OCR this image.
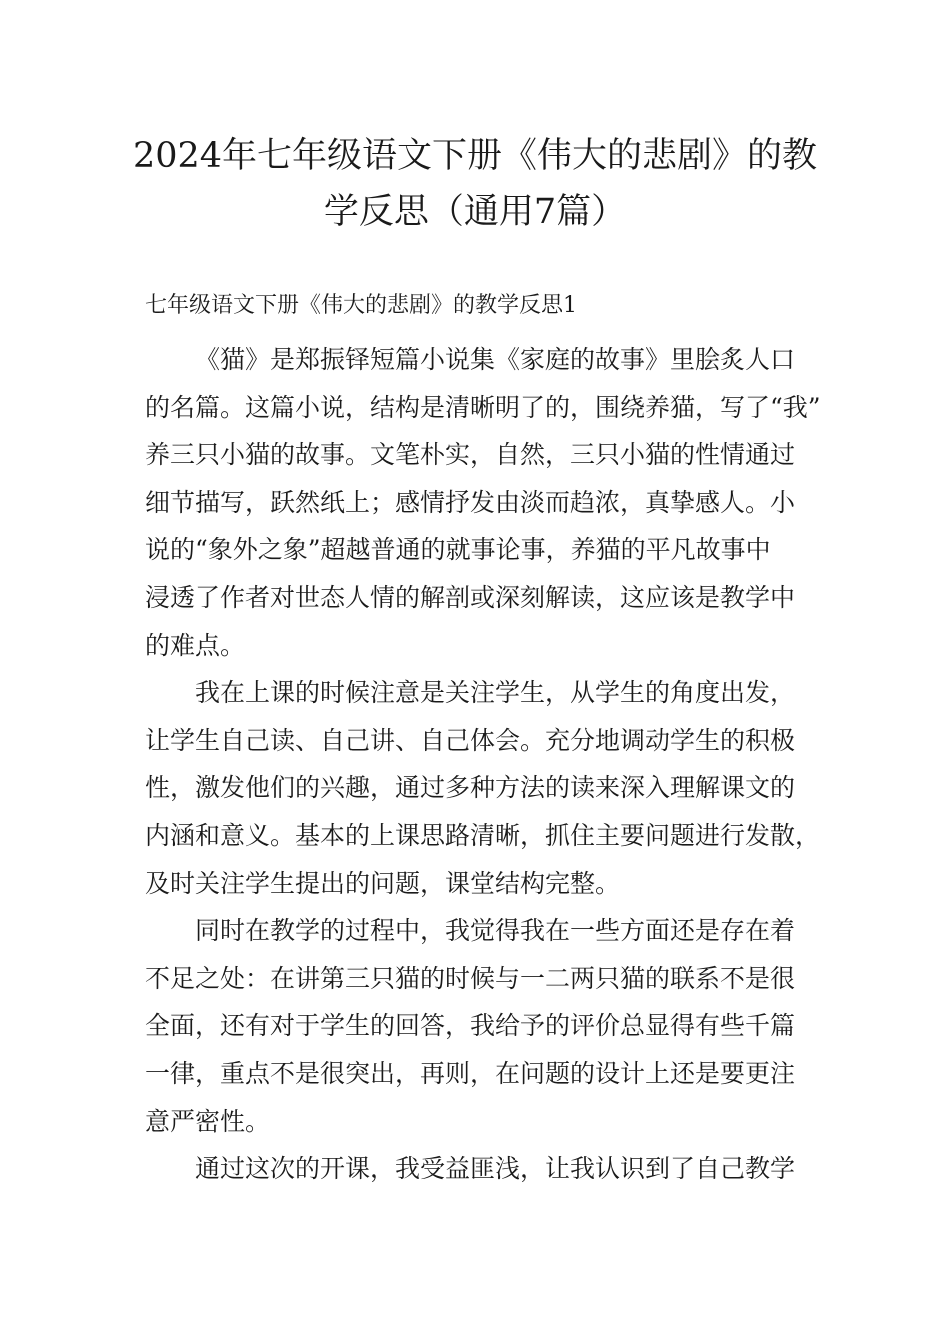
2024年七年级语文下册《伟大的悲剧》的教
学反思（通用7篇）
七年级语文下册《伟大的悲剧》的教学反思1

《猫》是郑振铎短篇小说集《家庭的故事》里脍炙人口
的名篇。这篇小说，结构是清晰明了的，围绕养猫，写了“我”
养三只小猫的故事。文笔朴实，自然，三只小猫的性情通过
细节描写，跃然纸上；感情抒发由淡而趋浓，真挚感人。小
说的“象外之象”超越普通的就事论事，养猫的平凡故事中
浸透了作者对世态人情的解剖或深刻解读，这应该是教学中
的难点。

我在上课的时候注意是关注学生，从学生的角度出发，
让学生自己读、自己讲、自己体会。充分地调动学生的积极
性，激发他们的兴趣，通过多种方法的读来深入理解课文的
内涵和意义。基本的上课思路清晰，抓住主要问题进行发散，
及时关注学生提出的问题，课堂结构完整。

同时在教学的过程中，我觉得我在一些方面还是存在着
不足之处：在讲第三只猫的时候与一二两只猫的联系不是很
全面，还有对于学生的回答，我给予的评价总显得有些千篇
一律，重点不是很突出，再则，在问题的设计上还是要更注
意严密性。

通过这次的开课，我受益匪浅，让我认识到了自己教学
